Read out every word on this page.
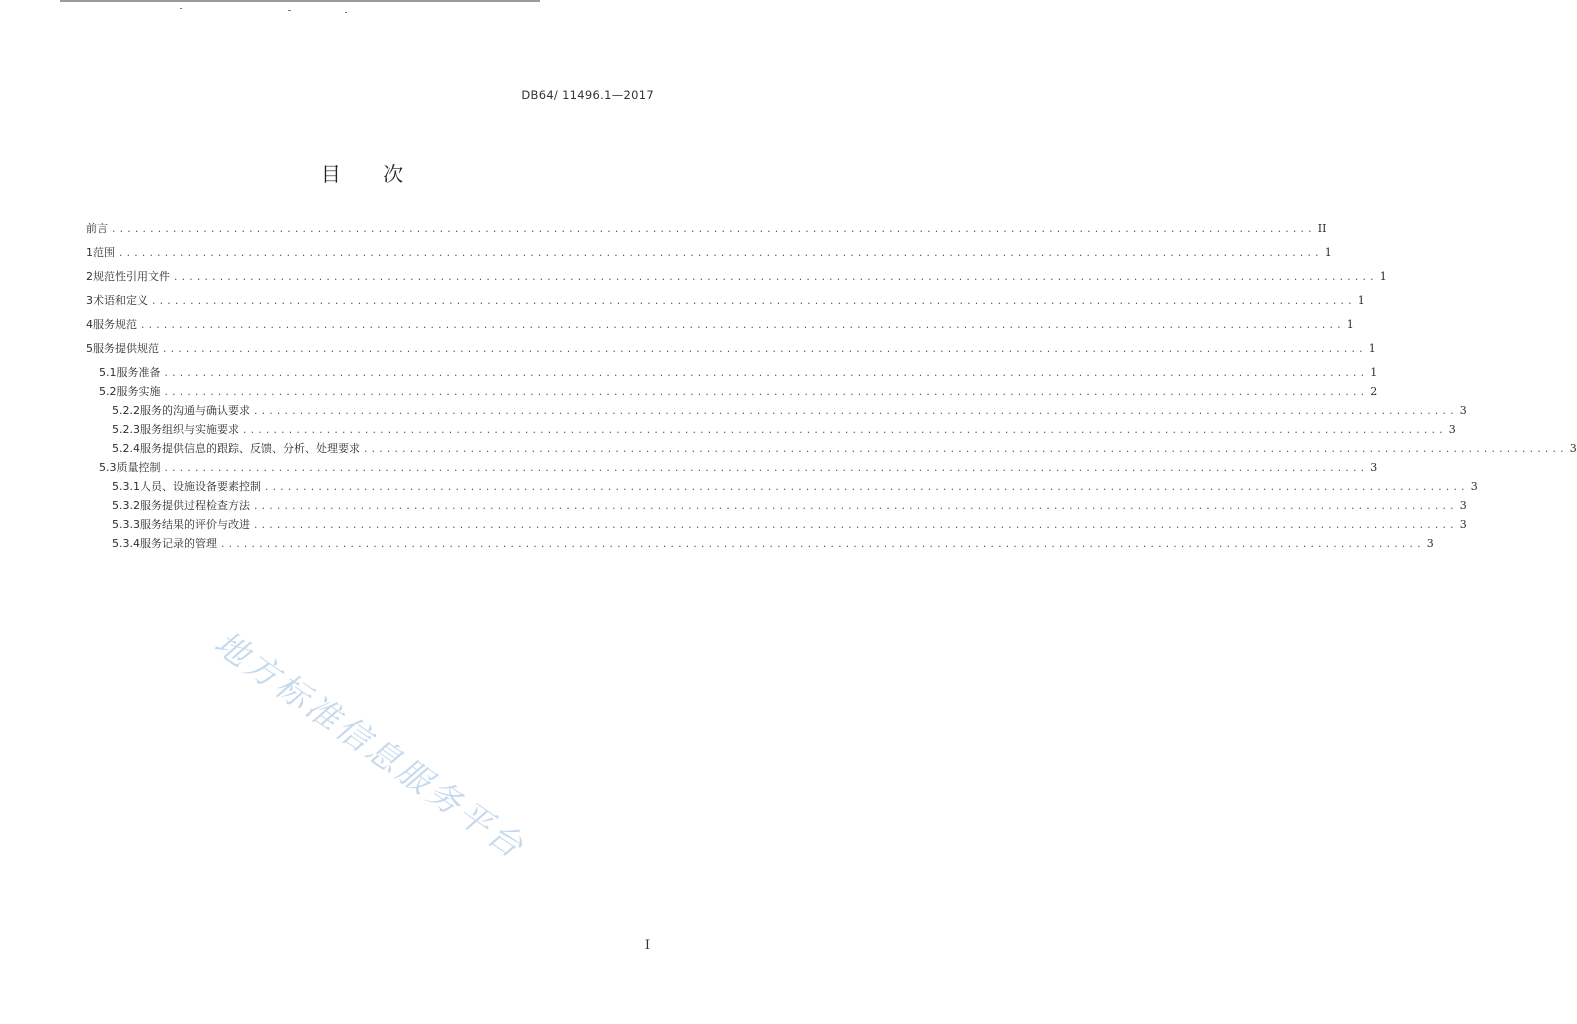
DB64/ 11496.1—2017
目 次
前言 .............................................................................................................................................................. II
1 范围 .............................................................................................................................................................. 1
2 规范性引用文件 .............................................................................................................................................................. 1
3 术语和定义 .............................................................................................................................................................. 1
4 服务规范 .............................................................................................................................................................. 1
5 服务提供规范 .............................................................................................................................................................. 1
5.1 服务准备 .............................................................................................................................................................. 1
5.2 服务实施 .............................................................................................................................................................. 2
5.2.2 服务的沟通与确认要求 .............................................................................................................................................................. 3
5.2.3 服务组织与实施要求 .............................................................................................................................................................. 3
5.2.4 服务提供信息的跟踪、反馈、分析、处理要求 .............................................................................................................................................................. 3
5.3 质量控制 .............................................................................................................................................................. 3
5.3.1 人员、设施设备要素控制 .............................................................................................................................................................. 3
5.3.2 服务提供过程检查方法 .............................................................................................................................................................. 3
5.3.3 服务结果的评价与改进 .............................................................................................................................................................. 3
5.3.4 服务记录的管理 .............................................................................................................................................................. 3
地方标准信息服务平台
I
